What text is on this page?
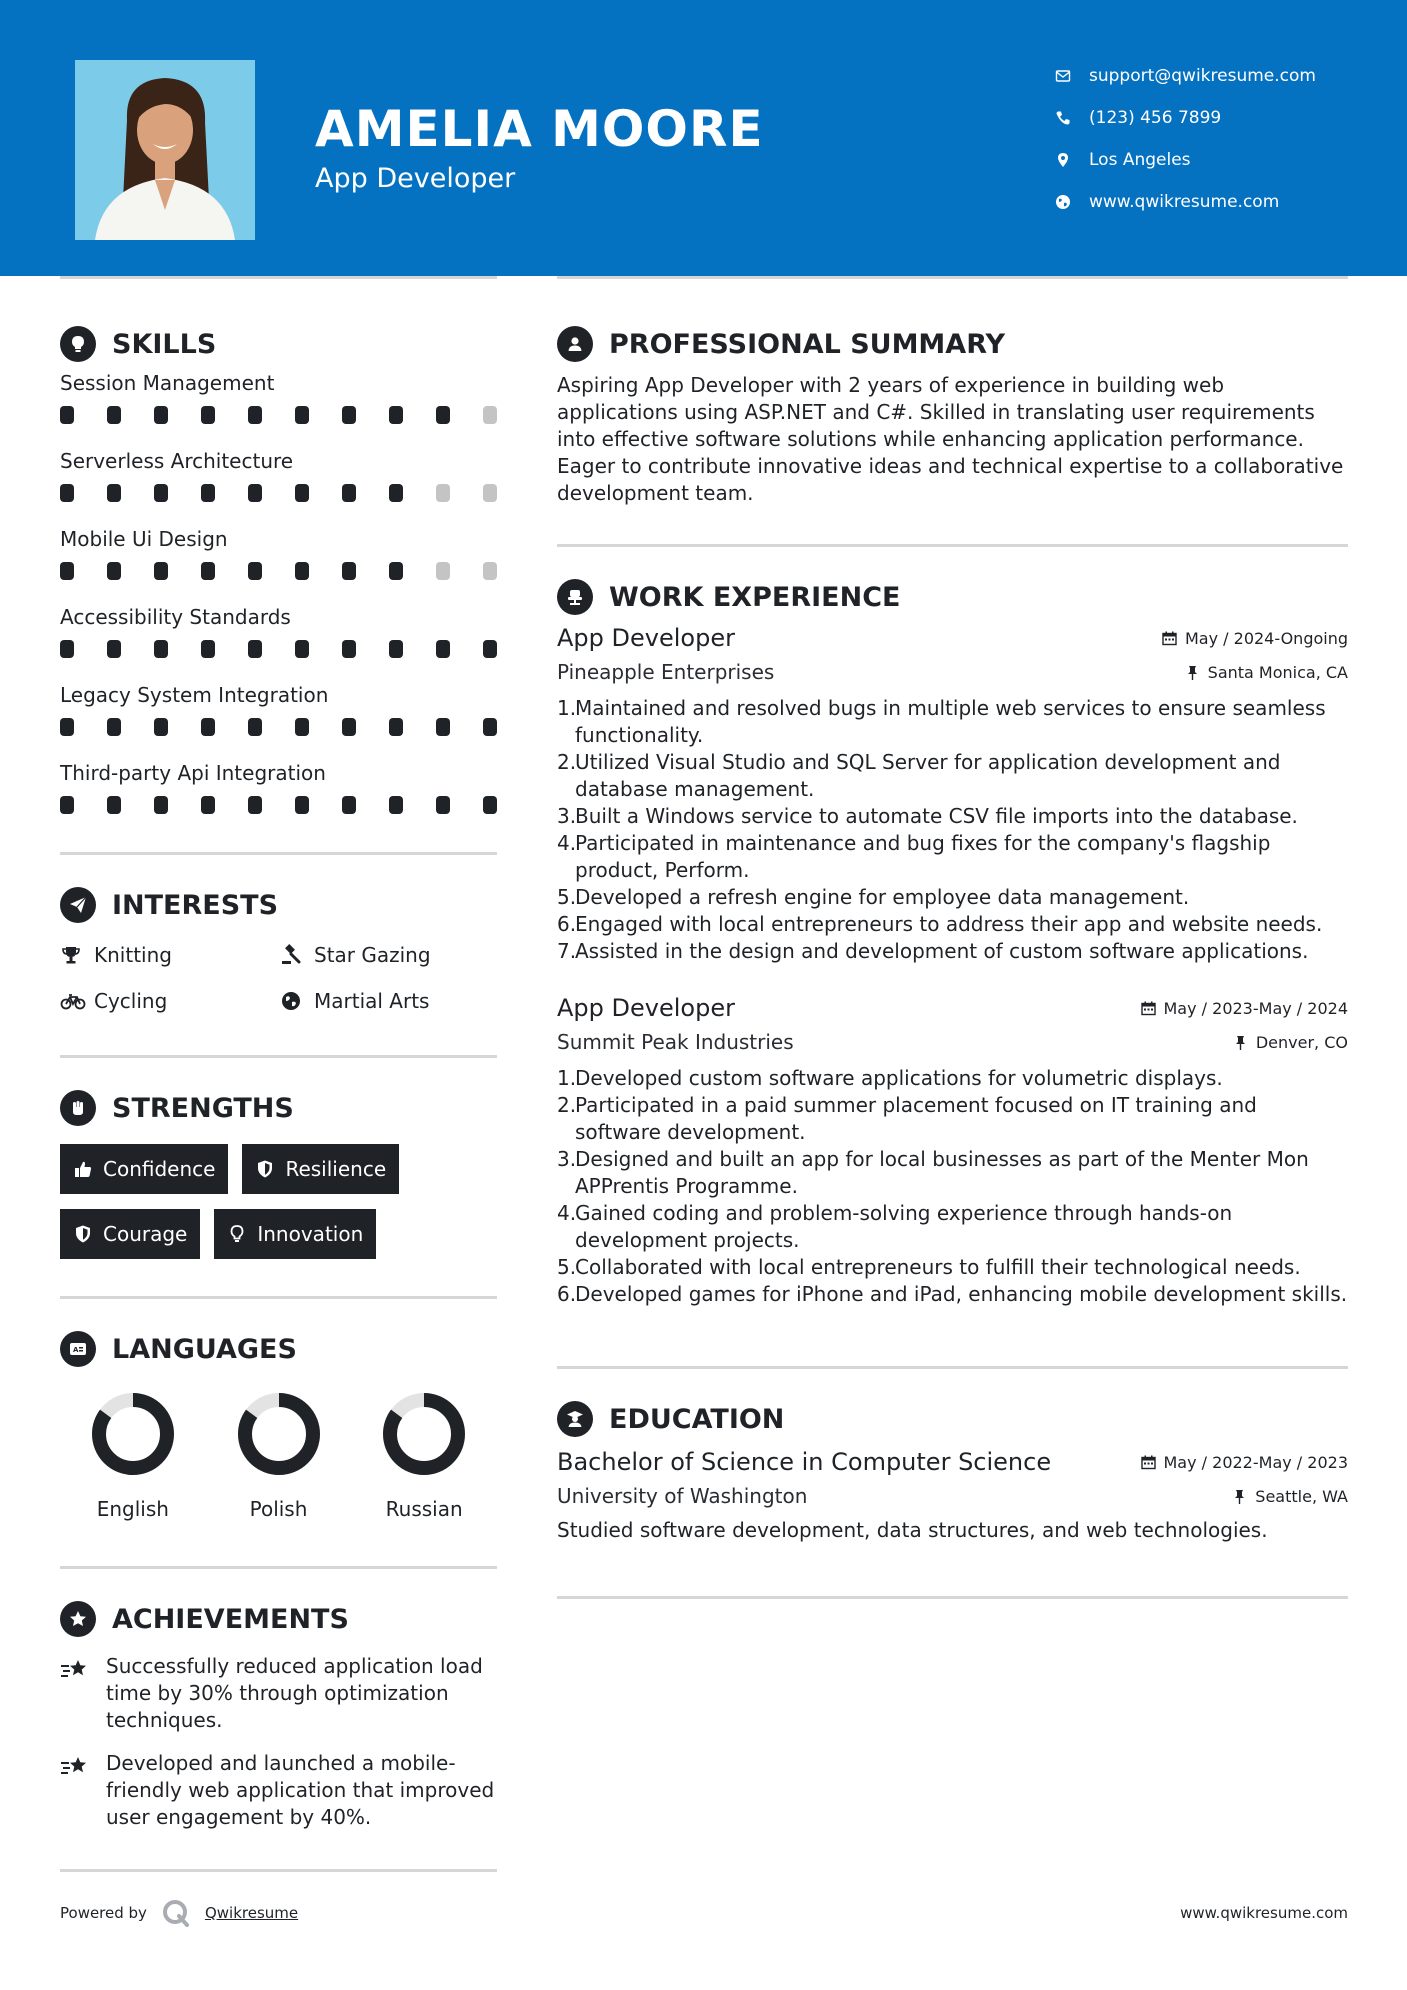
AMELIA MOORE
App Developer
support@qwikresume.com
(123) 456 7899
Los Angeles
www.qwikresume.com
SKILLS
Session Management
Serverless Architecture
Mobile Ui Design
Accessibility Standards
Legacy System Integration
Third-party Api Integration
INTERESTS
Knitting	Star Gazing
Cycling	Martial Arts
STRENGTHS
Confidence	Resilience
Courage	Innovation
A LANGUAGES
English	Polish	Russian
ACHIEVEMENTS
Successfully reduced application load time by 30% through optimization techniques.
Developed and launched a mobile-friendly web application that improved user engagement by 40%.
PROFESSIONAL SUMMARY
Aspiring App Developer with 2 years of experience in building web applications using ASP.NET and C#. Skilled in translating user requirements into effective software solutions while enhancing application performance. Eager to contribute innovative ideas and technical expertise to a collaborative development team.
WORK EXPERIENCE
App Developer	May / 2024-Ongoing
Pineapple Enterprises	Santa Monica, CA
1.
Maintained and resolved bugs in multiple web services to ensure seamless functionality.
2.
Utilized Visual Studio and SQL Server for application development and database management.
3.
Built a Windows service to automate CSV file imports into the database.
4.
Participated in maintenance and bug fixes for the company's flagship product, Perform.
5.
Developed a refresh engine for employee data management.
6.
Engaged with local entrepreneurs to address their app and website needs.
7.
Assisted in the design and development of custom software applications.
App Developer	May / 2023-May / 2024
Summit Peak Industries	Denver, CO
1.
Developed custom software applications for volumetric displays.
2.
Participated in a paid summer placement focused on IT training and software development.
3.
Designed and built an app for local businesses as part of the Menter Mon APPrentis Programme.
4.
Gained coding and problem-solving experience through hands-on development projects.
5.
Collaborated with local entrepreneurs to fulfill their technological needs.
6.
Developed games for iPhone and iPad, enhancing mobile development skills.
EDUCATION
Bachelor of Science in Computer Science	May / 2022-May / 2023
University of Washington	Seattle, WA
Studied software development, data structures, and web technologies.
Powered by	Qwikresume	www.qwikresume.com
